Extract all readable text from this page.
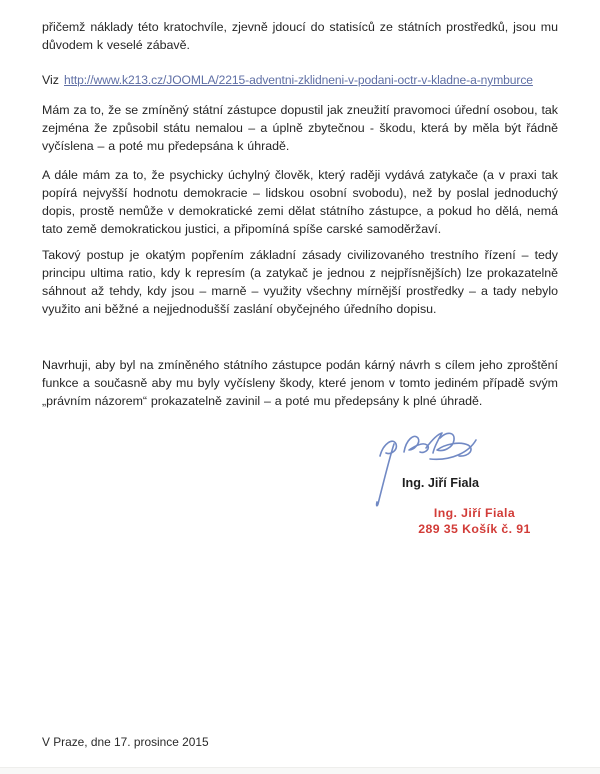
přičemž náklady této kratochvíle, zjevně jdoucí do statisíců ze státních prostředků, jsou mu důvodem k veselé zábavě.

Viz http://www.k213.cz/JOOMLA/2215-adventni-zklidneni-v-podani-octr-v-kladne-a-nymburce

Mám za to, že se zmíněný státní zástupce dopustil jak zneužití pravomoci úřední osobou, tak zejména že způsobil státu nemalou – a úplně zbytečnou - škodu, která by měla být řádně vyčíslena – a poté mu předepsána k úhradě.

A dále mám za to, že psychicky úchylný člověk, který raději vydává zatykače (a v praxi tak popírá nejvyšší hodnotu demokracie – lidskou osobní svobodu), než by poslal jednoduchý dopis, prostě nemůže v demokratické zemi dělat státního zástupce, a pokud ho dělá, nemá tato země demokratickou justici, a připomíná spíše carské samoděržaví.

Takový postup je okatým popřením základní zásady civilizovaného trestního řízení – tedy principu ultima ratio, kdy k represím (a zatykač je jednou z nejpřísnějších) lze prokazatelně sáhnout až tehdy, kdy jsou – marně – využity všechny mírnější prostředky – a tady nebylo využito ani běžné a nejjednodušší zaslání obyčejného úředního dopisu.

Navrhuji, aby byl na zmíněného státního zástupce podán kárný návrh s cílem jeho zproštění funkce a současně aby mu byly vyčísleny škody, které jenom v tomto jediném případě svým „právním názorem“ prokazatelně zavinil – a poté mu předepsány k plné úhradě.

Ing. Jiří Fiala
Ing. Jiří Fiala
289 35 Košík č. 91
V Praze, dne 17. prosince 2015
